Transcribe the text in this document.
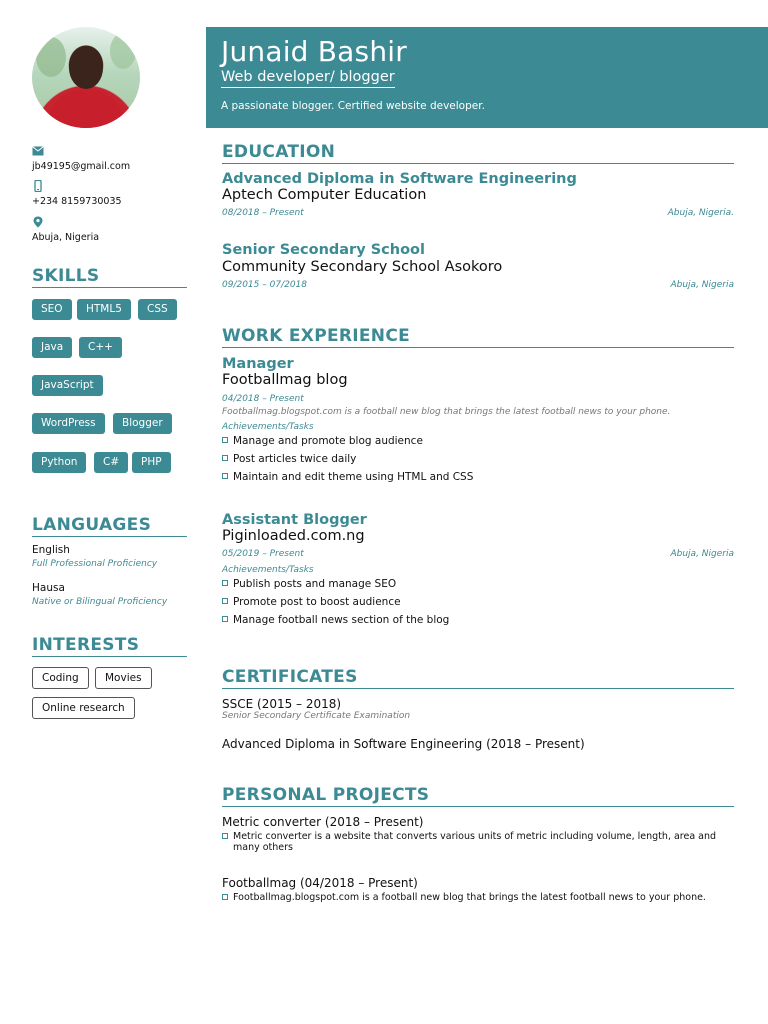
jb49195@gmail.com
+234 8159730035
Abuja, Nigeria
SKILLS
SEO	HTML5	CSS
Java	C++
JavaScript
WordPress	Blogger
Python	C#	PHP
LANGUAGES
English
Full Professional Proficiency
Hausa
Native or Bilingual Proficiency
INTERESTS
Coding	Movies
Online research
Junaid Bashir
Web developer/ blogger
A passionate blogger. Certified website developer.
EDUCATION
Advanced Diploma in Software Engineering
Aptech Computer Education
08/2018 – Present	Abuja, Nigeria.
Senior Secondary School
Community Secondary School Asokoro
09/2015 – 07/2018	Abuja, Nigeria
WORK EXPERIENCE
Manager
Footballmag blog
04/2018 – Present
Footballmag.blogspot.com is a football new blog that brings the latest football news to your phone.
Achievements/Tasks
Manage and promote blog audience
Post articles twice daily
Maintain and edit theme using HTML and CSS
Assistant Blogger
Piginloaded.com.ng
05/2019 – Present	Abuja, Nigeria
Achievements/Tasks
Publish posts and manage SEO
Promote post to boost audience
Manage football news section of the blog
CERTIFICATES
SSCE (2015 – 2018)
Senior Secondary Certificate Examination
Advanced Diploma in Software Engineering (2018 – Present)
PERSONAL PROJECTS
Metric converter (2018 – Present)
Metric converter is a website that converts various units of metric including volume, length, area and many others
Footballmag (04/2018 – Present)
Footballmag.blogspot.com is a football new blog that brings the latest football news to your phone.
